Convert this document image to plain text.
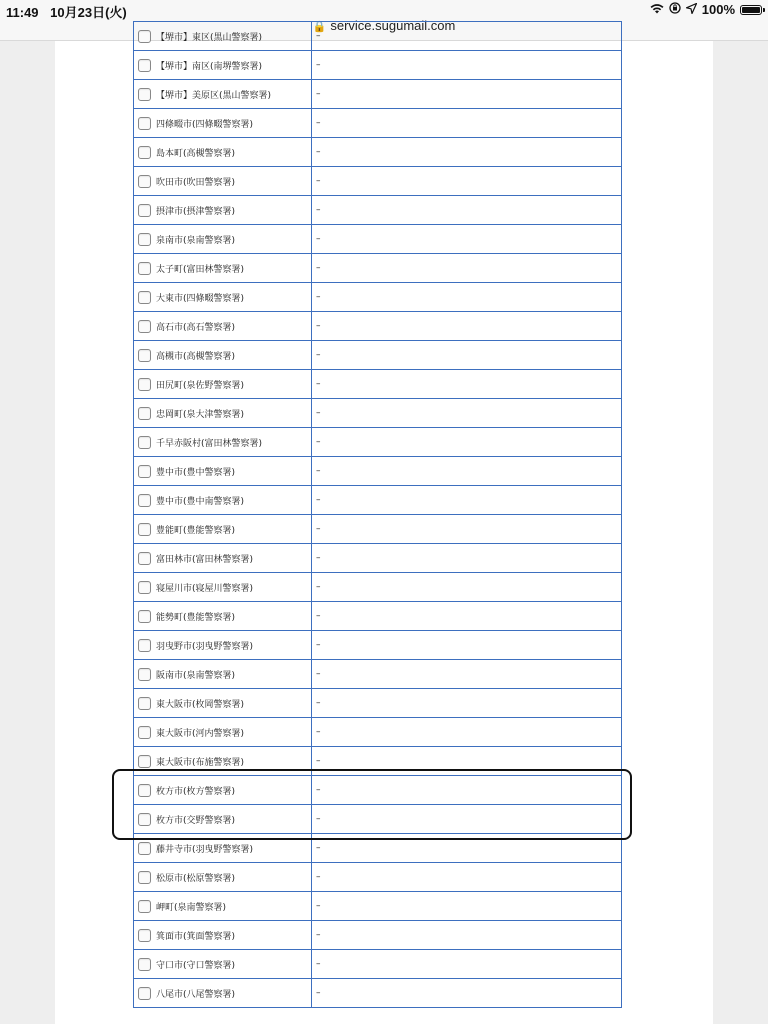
11:49 10月23日(火)	100%
🔒 service.sugumail.com
【堺市】東区(黒山警察署)	–
【堺市】南区(南堺警察署)	–
【堺市】美原区(黒山警察署)	–
四條畷市(四條畷警察署)	–
島本町(高槻警察署)	–
吹田市(吹田警察署)	–
摂津市(摂津警察署)	–
泉南市(泉南警察署)	–
太子町(富田林警察署)	–
大東市(四條畷警察署)	–
高石市(高石警察署)	–
高槻市(高槻警察署)	–
田尻町(泉佐野警察署)	–
忠岡町(泉大津警察署)	–
千早赤阪村(富田林警察署)	–
豊中市(豊中警察署)	–
豊中市(豊中南警察署)	–
豊能町(豊能警察署)	–
富田林市(富田林警察署)	–
寝屋川市(寝屋川警察署)	–
能勢町(豊能警察署)	–
羽曳野市(羽曳野警察署)	–
阪南市(泉南警察署)	–
東大阪市(枚岡警察署)	–
東大阪市(河内警察署)	–
東大阪市(布施警察署)	–
枚方市(枚方警察署)	–
枚方市(交野警察署)	–
藤井寺市(羽曳野警察署)	–
松原市(松原警察署)	–
岬町(泉南警察署)	–
箕面市(箕面警察署)	–
守口市(守口警察署)	–
八尾市(八尾警察署)	–
